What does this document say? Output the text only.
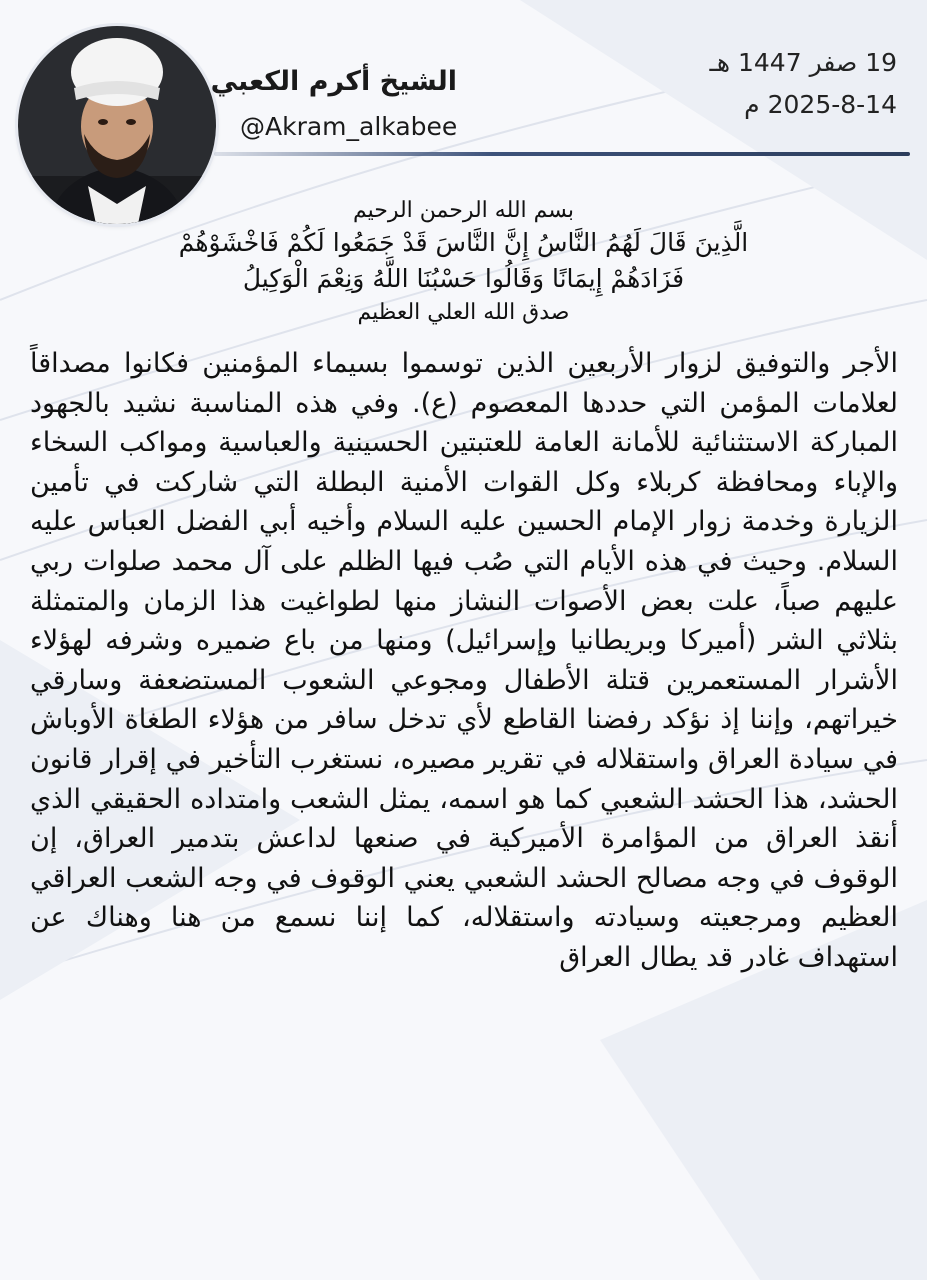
الشيخ أكرم الكعبي
@Akram_alkabee
19 صفر 1447 هـ
2025-8-14 م
بسم الله الرحمن الرحيم
الَّذِينَ قَالَ لَهُمُ النَّاسُ إِنَّ النَّاسَ قَدْ جَمَعُوا لَكُمْ فَاخْشَوْهُمْ
فَزَادَهُمْ إِيمَانًا وَقَالُوا حَسْبُنَا اللَّهُ وَنِعْمَ الْوَكِيلُ
صدق الله العلي العظيم
الأجر والتوفيق لزوار الأربعين الذين توسموا بسيماء المؤمنين فكانوا مصداقاً لعلامات المؤمن التي حددها المعصوم (ع). وفي هذه المناسبة نشيد بالجهود المباركة الاستثنائية للأمانة العامة للعتبتين الحسينية والعباسية ومواكب السخاء والإباء ومحافظة كربلاء وكل القوات الأمنية البطلة التي شاركت في تأمين الزيارة وخدمة زوار الإمام الحسين عليه السلام وأخيه أبي الفضل العباس عليه السلام. وحيث في هذه الأيام التي صُب فيها الظلم على آل محمد صلوات ربي عليهم صباً، علت بعض الأصوات النشاز منها لطواغيت هذا الزمان والمتمثلة بثلاثي الشر (أميركا وبريطانيا وإسرائيل) ومنها من باع ضميره وشرفه لهؤلاء الأشرار المستعمرين قتلة الأطفال ومجوعي الشعوب المستضعفة وسارقي خيراتهم، وإننا إذ نؤكد رفضنا القاطع لأي تدخل سافر من هؤلاء الطغاة الأوباش في سيادة العراق واستقلاله في تقرير مصيره، نستغرب التأخير في إقرار قانون الحشد، هذا الحشد الشعبي كما هو اسمه، يمثل الشعب وامتداده الحقيقي الذي أنقذ العراق من المؤامرة الأميركية في صنعها لداعش بتدمير العراق، إن الوقوف في وجه مصالح الحشد الشعبي يعني الوقوف في وجه الشعب العراقي العظيم ومرجعيته وسيادته واستقلاله، كما إننا نسمع من هنا وهناك عن استهداف غادر قد يطال العراق
